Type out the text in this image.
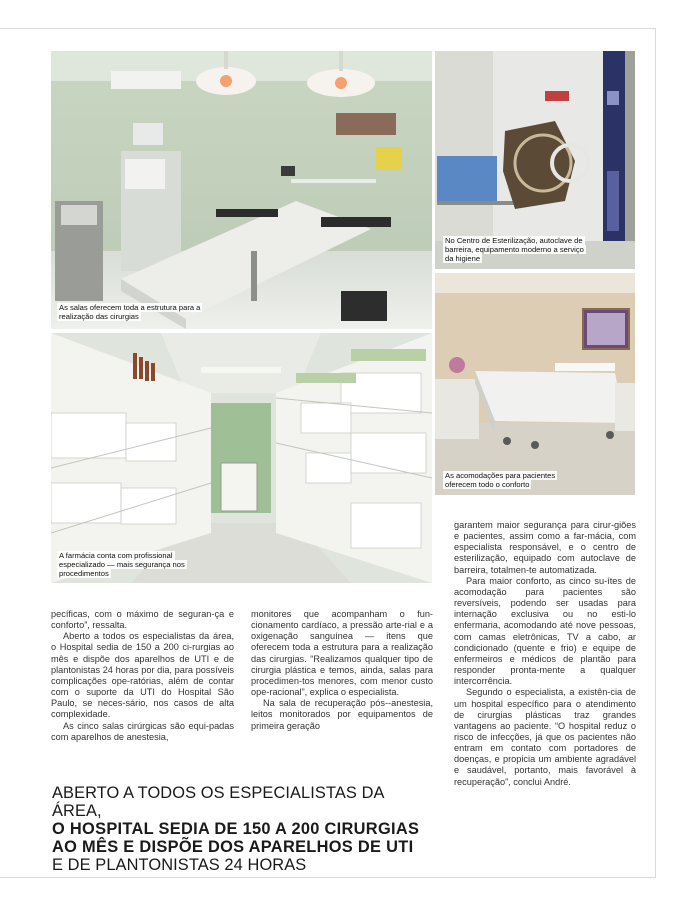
As salas oferecem toda a estrutura para a realização das cirurgias
No Centro de Esterilização, autoclave de barreira, equipamento moderno a serviço da higiene
A farmácia conta com profissional especializado — mais segurança nos procedimentos
As acomodações para pacientes oferecem todo o conforto

pecíficas, com o máximo de seguran-ça e conforto”, ressalta.

Aberto a todos os especialistas da área, o Hospital sedia de 150 a 200 ci-rurgias ao mês e dispõe dos aparelhos de UTI e de plantonistas 24 horas por dia, para possíveis complicações ope-ratórias, além de contar com o suporte da UTI do Hospital São Paulo, se neces-sário, nos casos de alta complexidade.

As cinco salas cirúrgicas são equi-padas com aparelhos de anestesia,

monitores que acompanham o fun-cionamento cardíaco, a pressão arte-rial e a oxigenação sanguínea — itens que oferecem toda a estrutura para a realização das cirurgias. “Realizamos qualquer tipo de cirurgia plástica e temos, ainda, salas para procedimen-tos menores, com menor custo ope-racional”, explica o especialista.

Na sala de recuperação pós--anestesia, leitos monitorados por equipamentos de primeira geração

garantem maior segurança para cirur-giões e pacientes, assim como a far-mácia, com especialista responsável, e o centro de esterilização, equipado com autoclave de barreira, totalmen-te automatizada.

Para maior conforto, as cinco su-ítes de acomodação para pacientes são reversíveis, podendo ser usadas para internação exclusiva ou no esti-lo enfermaria, acomodando até nove pessoas, com camas eletrônicas, TV a cabo, ar condicionado (quente e frio) e equipe de enfermeiros e médicos de plantão para responder pronta-mente a qualquer intercorrência.

Segundo o especialista, a existên-cia de um hospital específico para o atendimento de cirurgias plásticas traz grandes vantagens ao paciente. “O hospital reduz o risco de infecções, já que os pacientes não entram em contato com portadores de doenças, e propicia um ambiente agradável e saudável, portanto, mais favorável à recuperação”, conclui André.

ABERTO A TODOS OS ESPECIALISTAS DA ÁREA,
O HOSPITAL SEDIA DE 150 A 200 CIRURGIAS
AO MÊS E DISPÕE DOS APARELHOS DE UTI
E DE PLANTONISTAS 24 HORAS
